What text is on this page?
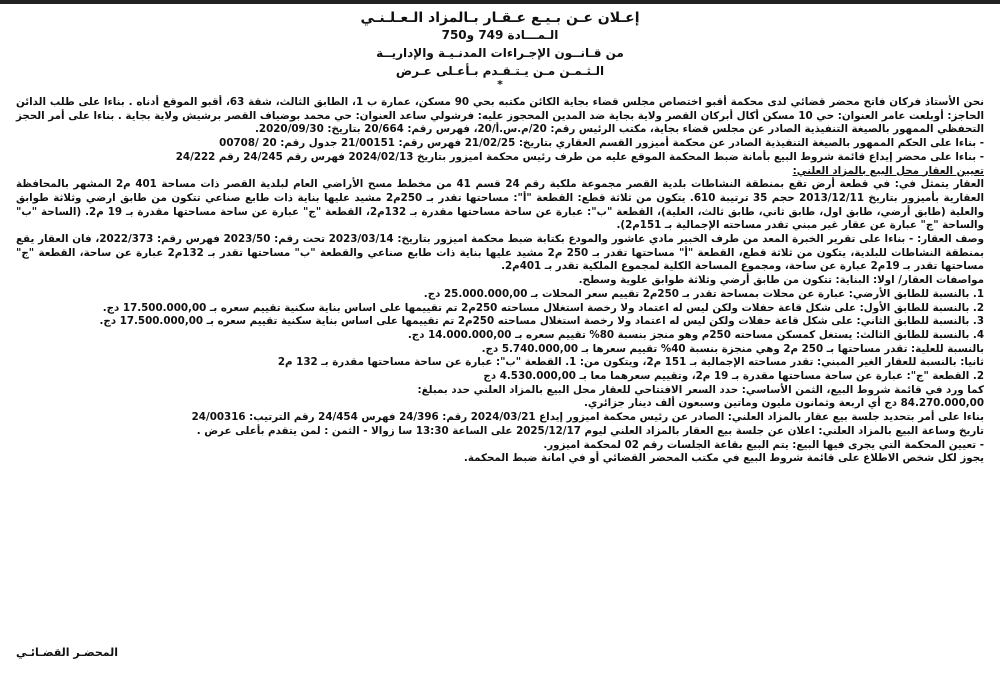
إعـلان عـن بـيـع عـقـار بـالمزاد الـعـلـنـي
الـمـــادة 749 و750
من قـانــون الإجـراءات المدنـيـة والإداريــة
الـثـمـن مـن يـتـقـدم بـأعـلى عـرض
*

نحن الأستاذ فركان فاتح محضر قضائي لدى محكمة أقبو اختصاص مجلس قضاء بجاية الكائن مكتبه بحي 90 مسكن، عمارة ب 1، الطابق الثالث، شقة 63، أقبو الموقع أدناه . بناءا على طلب الدائن الحاجز: أوبلعت عامر العنوان: حي 10 مسكن أكال أبركان القصر ولاية بجاية ضد المدين المحجوز عليه: فرشولي ساعد العنوان: حي محمد بوضياف القصر برشيش ولاية بجاية . بناءا على أمر الحجز التحفظي الممهور بالصيغة التنفيذية الصادر عن مجلس قضاء بجاية، مكتب الرئيس رقم: 20/م.س.أ/20، فهرس رقم: 20/664 بتاريخ: 2020/09/30.

- بناءا على الحكم الممهور بالصيغة التنفيذية الصادر عن محكمة أميزور القسم العقاري بتاريخ: 21/02/25 فهرس رقم: 21/00151 جدول رقم: 20 /00708

- بناءا على محضر إيداع قائمة شروط البيع بأمانة ضبط المحكمة الموقع عليه من طرف رئيس محكمة اميزور بتاريخ 2024/02/13 فهرس رقم 24/245 رقم 24/222

تعيين العقار محل البيع بالمزاد العلني:

العقار يتمثل في: في قطعة أرض تقع بمنطقة النشاطات بلدية القصر مجموعة ملكية رقم 24 قسم 41 من مخطط مسح الأراضي العام لبلدية القصر ذات مساحة 401 م2 المشهر بالمحافظة العقارية بأميزور بتاريخ 2013/12/11 حجم 35 ترتيبة 610. يتكون من ثلاثة قطع: القطعة "أ": مساحتها تقدر بـ 250م2 مشيد عليها بناية ذات طابع صناعي تتكون من طابق ارضي وثلاثة طوابق والعلية (طابق أرضي، طابق اول، طابق ثاني، طابق ثالث، العلية)، القطعة "ب": عبارة عن ساحة مساحتها مقدرة بـ 132م2، القطعة "ج" عبارة عن ساحة مساحتها مقدرة بـ 19 م2. (الساحة "ب" والساحة "ج" عبارة عن عقار غير مبني تقدر مساحته الإجمالية بـ 151م2).

وصف العقار: - بناءا على تقرير الخبرة المعد من طرف الخبير مادي عاشور والمودع بكتابة ضبط محكمة اميزور بتاريخ: 2023/03/14 تحت رقم: 2023/50 فهرس رقم: 2022/373، فان العقار يقع بمنطقة النشاطات للبلدية، يتكون من ثلاثة قطع، القطعة "أ" مساحتها تقدر بـ 250 م2 مشيد عليها بناية ذات طابع صناعي والقطعة "ب" مساحتها تقدر بـ 132م2 عبارة عن ساحة، القطعة "ج" مساحتها تقدر بـ 19م2 عبارة عن ساحة، ومجموع المساحة الكلية لمجموع الملكية تقدر بـ 401م2.

مواصفات العقار/ اولا: البناية: تتكون من طابق أرضي وثلاثة طوابق علوية وسطح.

1. بالنسبة للطابق الأرضي: عبارة عن محلات بمساحة تقدر بـ 250م2 تقييم سعر المحلات بـ 25.000.000,00 دج.

2. بالنسبة للطابق الأول: على شكل قاعة حفلات ولكن ليس له اعتماد ولا رخصة استغلال مساحته 250م2 تم تقييمها على اساس بناية سكنية تقييم سعره بـ 17.500.000,00 دج.

3. بالنسبة للطابق الثاني: على شكل قاعة حفلات ولكن ليس له اعتماد ولا رخصة استغلال مساحته 250م2 تم تقييمها على اساس بناية سكنية تقييم سعره بـ 17.500.000,00 دج.

4. بالنسبة للطابق الثالث: يستغل كمسكن مساحته 250م وهو منجز بنسبة 80% تقييم سعره بـ 14.000.000,00 دج.

بالنسبة للعلية: تقدر مساحتها بـ 250 م2 وهي منجزة بنسبة 40% تقييم سعرها بـ 5.740.000,00 دج.

ثانيا: بالنسبة للعقار الغير المبني: تقدر مساحته الإجمالية بـ 151 م2، ويتكون من: 1. القطعة "ب": عبارة عن ساحة مساحتها مقدرة بـ 132 م2

2. القطعة "ج": عبارة عن ساحة مساحتها مقدرة بـ 19 م2، وتقييم سعرهما معا بـ 4.530.000,00 دج

كما ورد في قائمة شروط البيع، الثمن الأساسي: حدد السعر الافتتاحي للعقار محل البيع بالمزاد العلني حدد بمبلغ:

84.270.000,00 دج أي اربعة وثمانون مليون وماتين وسبعون ألف دينار جزائري.

بناءا على أمر بتحديد جلسة بيع عقار بالمزاد العلني: الصادر عن رئيس محكمة اميزور إيداع 2024/03/21 رقم: 24/396 فهرس 24/454 رقم الترتيب: 24/00316

تاريخ وساعة البيع بالمزاد العلني: اعلان عن جلسة بيع العقار بالمزاد العلني ليوم 2025/12/17 على الساعة 13:30 سا زوالا - الثمن : لمن يتقدم بأعلى عرض .

- تعيين المحكمة التي يجرى فيها البيع: يتم البيع بقاعة الجلسات رقم 02 لمحكمة اميزور.

يجوز لكل شخص الاطلاع على قائمة شروط البيع في مكتب المحضر القضائي أو في امانة ضبط المحكمة.

المحضـر القضـائـي
